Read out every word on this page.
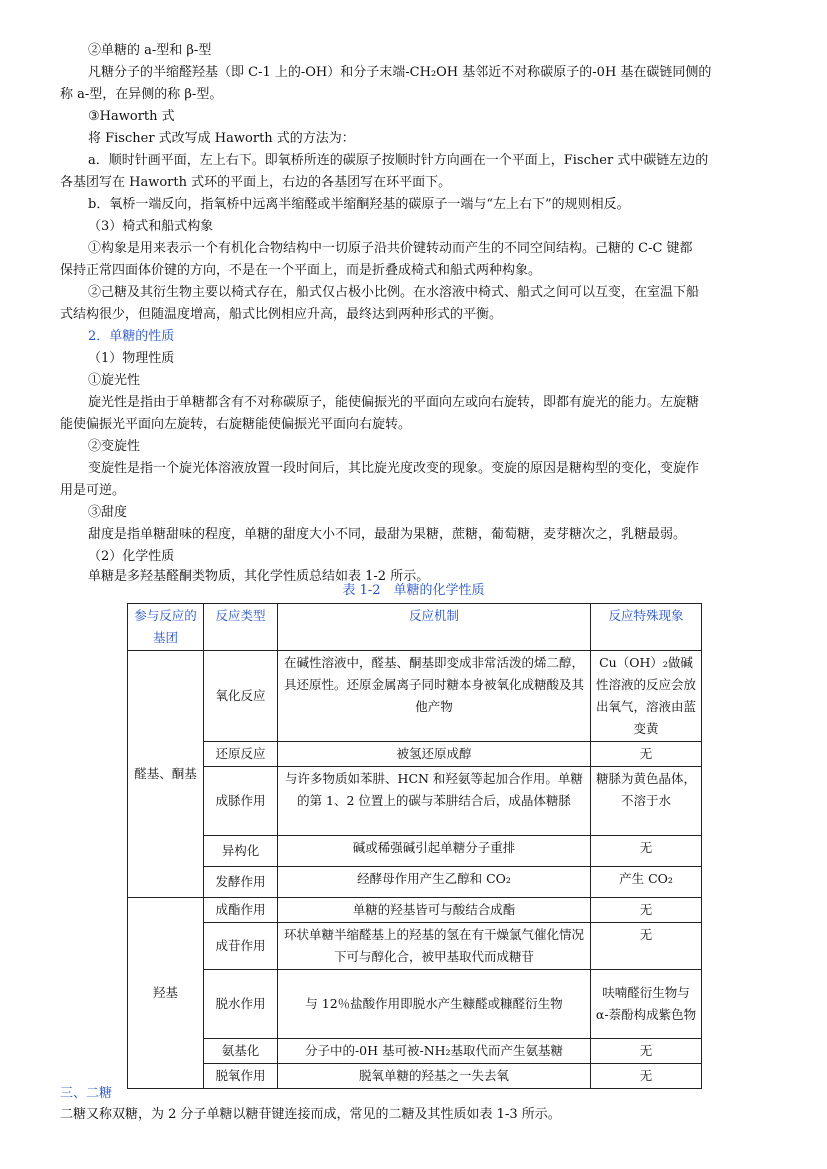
②单糖的 a-型和 β-型
凡糖分子的半缩醛羟基（即 C-1 上的-OH）和分子末端-CH₂OH 基邻近不对称碳原子的-0H 基在碳链同侧的
称 a-型，在异侧的称 β-型。
③Haworth 式
将 Fischer 式改写成 Haworth 式的方法为：
a．顺时针画平面，左上右下。即氧桥所连的碳原子按顺时针方向画在一个平面上，Fischer 式中碳链左边的
各基团写在 Haworth 式环的平面上，右边的各基团写在环平面下。
b．氧桥一端反向，指氧桥中远离半缩醛或半缩酮羟基的碳原子一端与“左上右下”的规则相反。
（3）椅式和船式构象
①构象是用来表示一个有机化合物结构中一切原子沿共价键转动而产生的不同空间结构。己糖的 C-C 键都
保持正常四面体价键的方向，不是在一个平面上，而是折叠成椅式和船式两种构象。
②己糖及其衍生物主要以椅式存在，船式仅占极小比例。在水溶液中椅式、船式之间可以互变，在室温下船
式结构很少，但随温度增高，船式比例相应升高，最终达到两种形式的平衡。
2．单糖的性质
（1）物理性质
①旋光性
旋光性是指由于单糖都含有不对称碳原子，能使偏振光的平面向左或向右旋转，即都有旋光的能力。左旋糖
能使偏振光平面向左旋转，右旋糖能使偏振光平面向右旋转。
②变旋性
变旋性是指一个旋光体溶液放置一段时间后，其比旋光度改变的现象。变旋的原因是糖构型的变化，变旋作
用是可逆。
③甜度
甜度是指单糖甜味的程度，单糖的甜度大小不同，最甜为果糖，蔗糖，葡萄糖，麦芽糖次之，乳糖最弱。
（2）化学性质
单糖是多羟基醛酮类物质，其化学性质总结如表 1-2 所示。
表 1-2　单糖的化学性质
参与反应的基团	反应类型	反应机制	反应特殊现象
醛基、酮基	氧化反应	在碱性溶液中，醛基、酮基即变成非常活泼的烯二醇，具还原性。还原金属离子同时糖本身被氧化成糖酸及其他产物	Cu（OH）₂做碱性溶液的反应会放出氧气，溶液由蓝变黄
	还原反应	被氢还原成醇	无
	成脎作用	与许多物质如苯肼、HCN 和羟氨等起加合作用。单糖的第 1、2 位置上的碳与苯肼结合后，成晶体糖脎	糖脎为黄色晶体，不溶于水
	异构化	碱或稀强碱引起单糖分子重排	无
	发酵作用	经酵母作用产生乙醇和 CO₂	产生 CO₂
羟基	成酯作用	单糖的羟基皆可与酸结合成酯	无
	成苷作用	环状单糖半缩醛基上的羟基的氢在有干燥氯气催化情况下可与醇化合，被甲基取代而成糖苷	无
	脱水作用	与 12％盐酸作用即脱水产生糠醛或糠醛衍生物	呋喃醛衍生物与 α-萘酚构成紫色物
	氨基化	分子中的-0H 基可被-NH₂基取代而产生氨基糖	无
	脱氧作用	脱氧单糖的羟基之一失去氧	无
三、二糖
二糖又称双糖，为 2 分子单糖以糖苷键连接而成，常见的二糖及其性质如表 1-3 所示。
